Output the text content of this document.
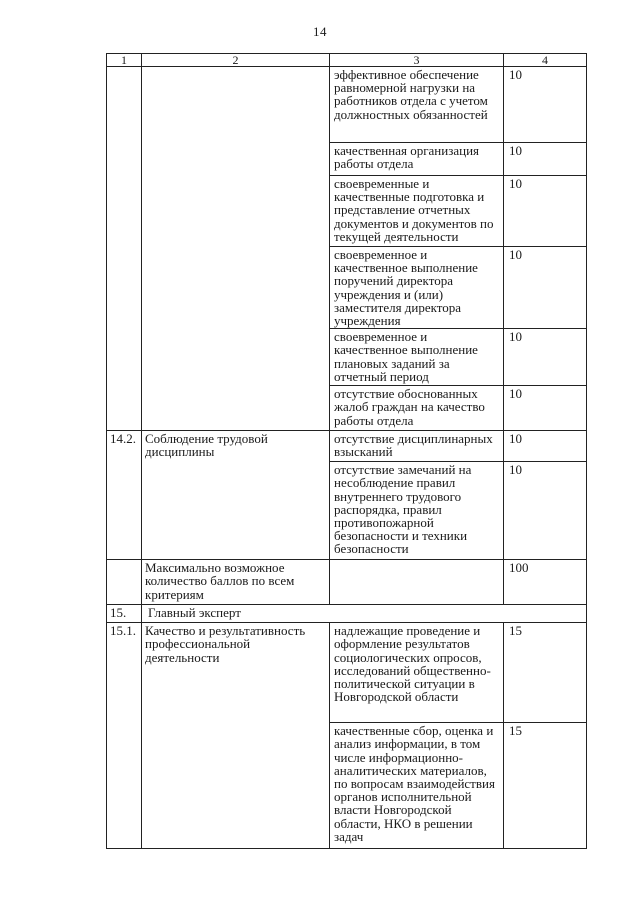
14
1	2	3	4
		эффективное обеспечение равномерной нагрузки на работников отдела с учетом должностных обязанностей	10
		качественная организация работы отдела	10
		своевременные и качественные подготовка и представление отчетных документов и документов по текущей деятельности	10
		своевременное и качественное выполнение поручений директора учреждения и (или) заместителя директора учреждения	10
		своевременное и качественное выполнение плановых заданий за отчетный период	10
		отсутствие обоснованных жалоб граждан на качество работы отдела	10
14.2.	Соблюдение трудовой дисциплины	отсутствие дисциплинарных взысканий	10
		отсутствие замечаний на несоблюдение правил внутреннего трудового распорядка, правил противопожарной безопасности и техники безопасности	10
	Максимально возможное количество баллов по всем критериям		100
15.	Главный эксперт		
15.1.	Качество и результативность профессиональной деятельности	надлежащие проведение и оформление результатов социологических опросов, исследований общественно-политической ситуации в Новгородской области	15
		качественные сбор, оценка и анализ информации, в том числе информационно-аналитических материалов, по вопросам взаимодействия органов исполнительной власти Новгородской области, НКО в решении задач	15
